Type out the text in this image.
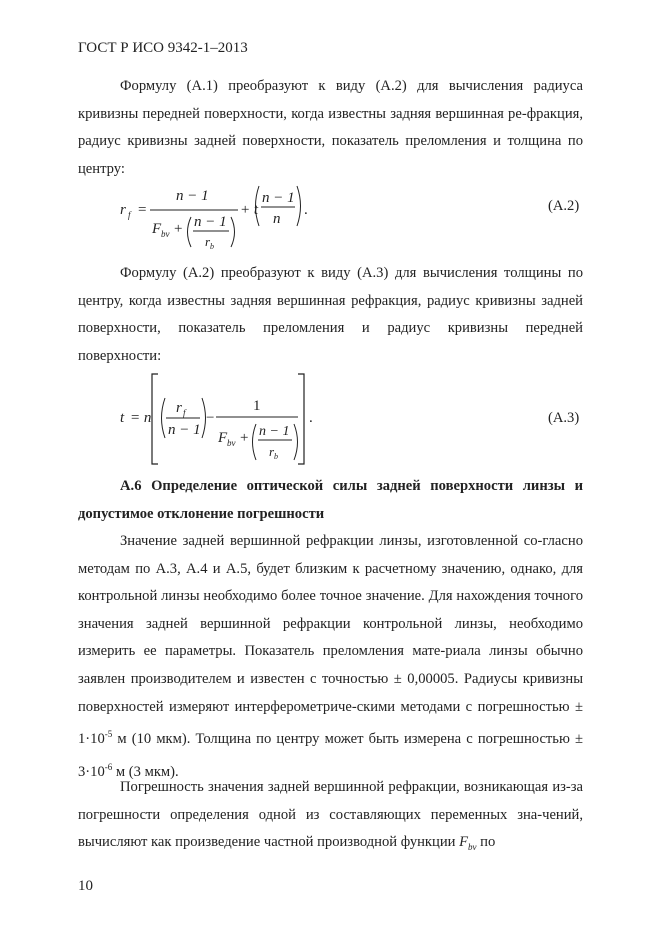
ГОСТ Р ИСО 9342-1–2013

Формулу (А.1) преобразуют к виду (А.2) для вычисления радиуса кривизны передней поверхности, когда известны задняя вершинная ре-фракция, радиус кривизны задней поверхности, показатель преломления и толщина по центру:

r f =
n − 1
F bv + n − 1
r b
+ t
n − 1
n
.	(А.2)

Формулу (А.2) преобразуют к виду (А.3) для вычисления толщины по центру, когда известны задняя вершинная рефракция, радиус кривизны задней поверхности, показатель преломления и радиус кривизны передней поверхности:

t = n
r f
n − 1
−
1
F bv + n − 1
r b
.	(А.3)

А.6 Определение оптической силы задней поверхности линзы и допустимое отклонение погрешности

Значение задней вершинной рефракции линзы, изготовленной со-гласно методам по А.3, А.4 и А.5, будет близким к расчетному значению, однако, для контрольной линзы необходимо более точное значение. Для нахождения точного значения задней вершинной рефракции контрольной линзы, необходимо измерить ее параметры. Показатель преломления мате-риала линзы обычно заявлен производителем и известен с точностью ± 0,00005. Радиусы кривизны поверхностей измеряют интерферометриче-скими методами с погрешностью ± $1\cdot 10^{-5}$ м (10 мкм). Толщина по центру может быть измерена с погрешностью ± $3\cdot 10^{-6}$ м (3 мкм).

Погрешность значения задней вершинной рефракции, возникающая из-за погрешности определения одной из составляющих переменных зна-чений, вычисляют как произведение частной производной функции $F_{bv}$ по

10
